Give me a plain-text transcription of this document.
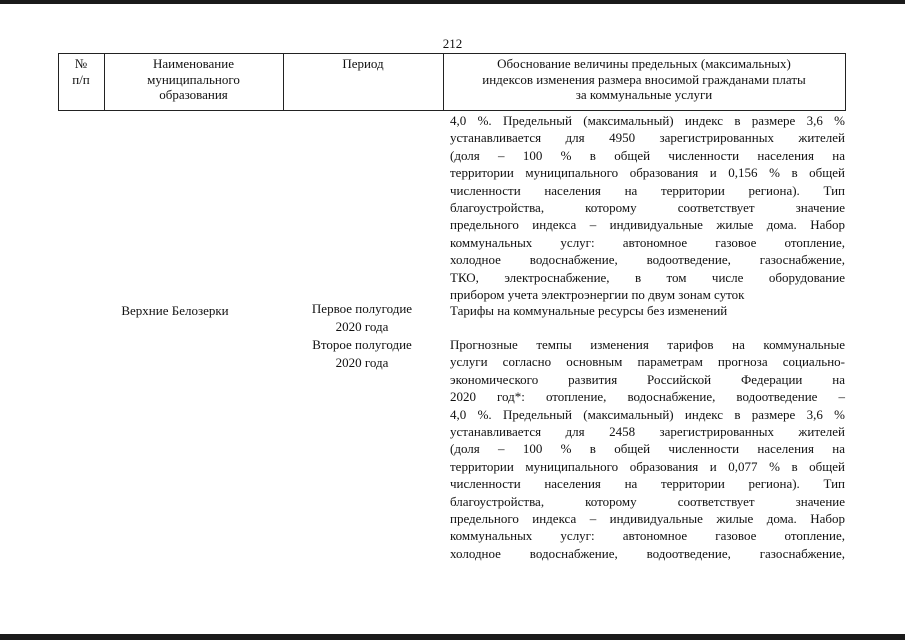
212
№
п/п
Наименование
муниципального
образования
Период	Обоснование величины предельных (максимальных)
индексов изменения размера вносимой гражданами платы
за коммунальные услуги
4,0 %. Предельный (максимальный) индекс в размере 3,6 %
устанавливается для 4950 зарегистрированных жителей
(доля – 100 % в общей численности населения на
территории муниципального образования и 0,156 % в общей
численности населения на территории региона). Тип
благоустройства, которому соответствует значение
предельного индекса – индивидуальные жилые дома. Набор
коммунальных услуг: автономное газовое отопление,
холодное водоснабжение, водоотведение, газоснабжение,
ТКО, электроснабжение, в том числе оборудование
прибором учета электроэнергии по двум зонам суток
Верхние Белозерки	Первое полугодие
2020 года
Второе полугодие
2020 года
Тарифы на коммунальные ресурсы без изменений
Прогнозные темпы изменения тарифов на коммунальные
услуги согласно основным параметрам прогноза социально-
экономического развития Российской Федерации на
2020 год*: отопление, водоснабжение, водоотведение –
4,0 %. Предельный (максимальный) индекс в размере 3,6 %
устанавливается для 2458 зарегистрированных жителей
(доля – 100 % в общей численности населения на
территории муниципального образования и 0,077 % в общей
численности населения на территории региона). Тип
благоустройства, которому соответствует значение
предельного индекса – индивидуальные жилые дома. Набор
коммунальных услуг: автономное газовое отопление,
холодное водоснабжение, водоотведение, газоснабжение,
